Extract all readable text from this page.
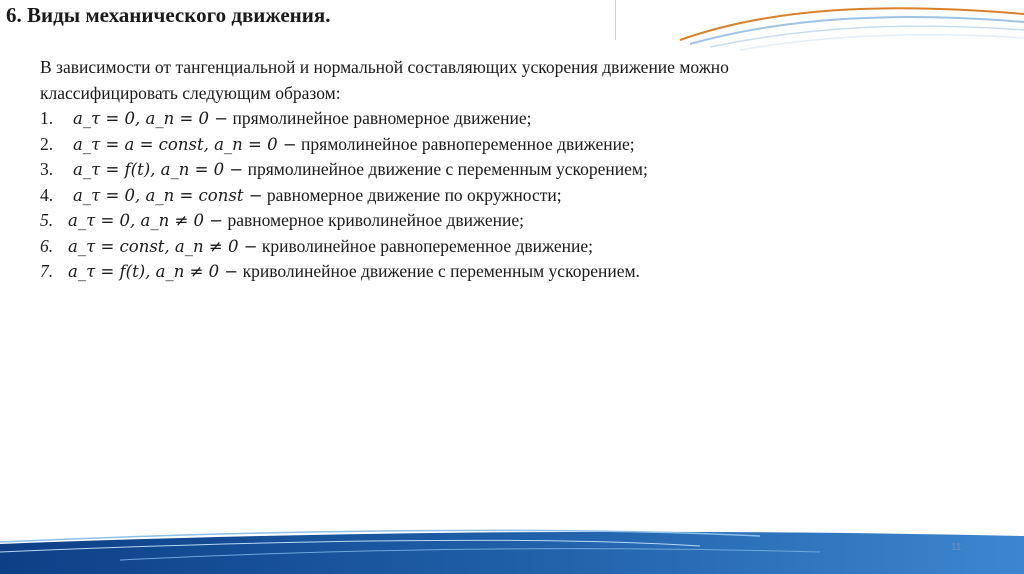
6. Виды механического движения.
В зависимости от тангенциальной и нормальной составляющих ускорения движение можно
классифицировать следующим образом:
1. a_τ = 0, a_n = 0 − прямолинейное равномерное движение;
2. a_τ = a = const, a_n = 0 − прямолинейное равнопеременное движение;
3. a_τ = f(t), a_n = 0 − прямолинейное движение с переменным ускорением;
4. a_τ = 0, a_n = const − равномерное движение по окружности;
5. a_τ = 0, a_n ≠ 0 − равномерное криволинейное движение;
6. a_τ = const, a_n ≠ 0 − криволинейное равнопеременное движение;
7. a_τ = f(t), a_n ≠ 0 − криволинейное движение с переменным ускорением.
11
